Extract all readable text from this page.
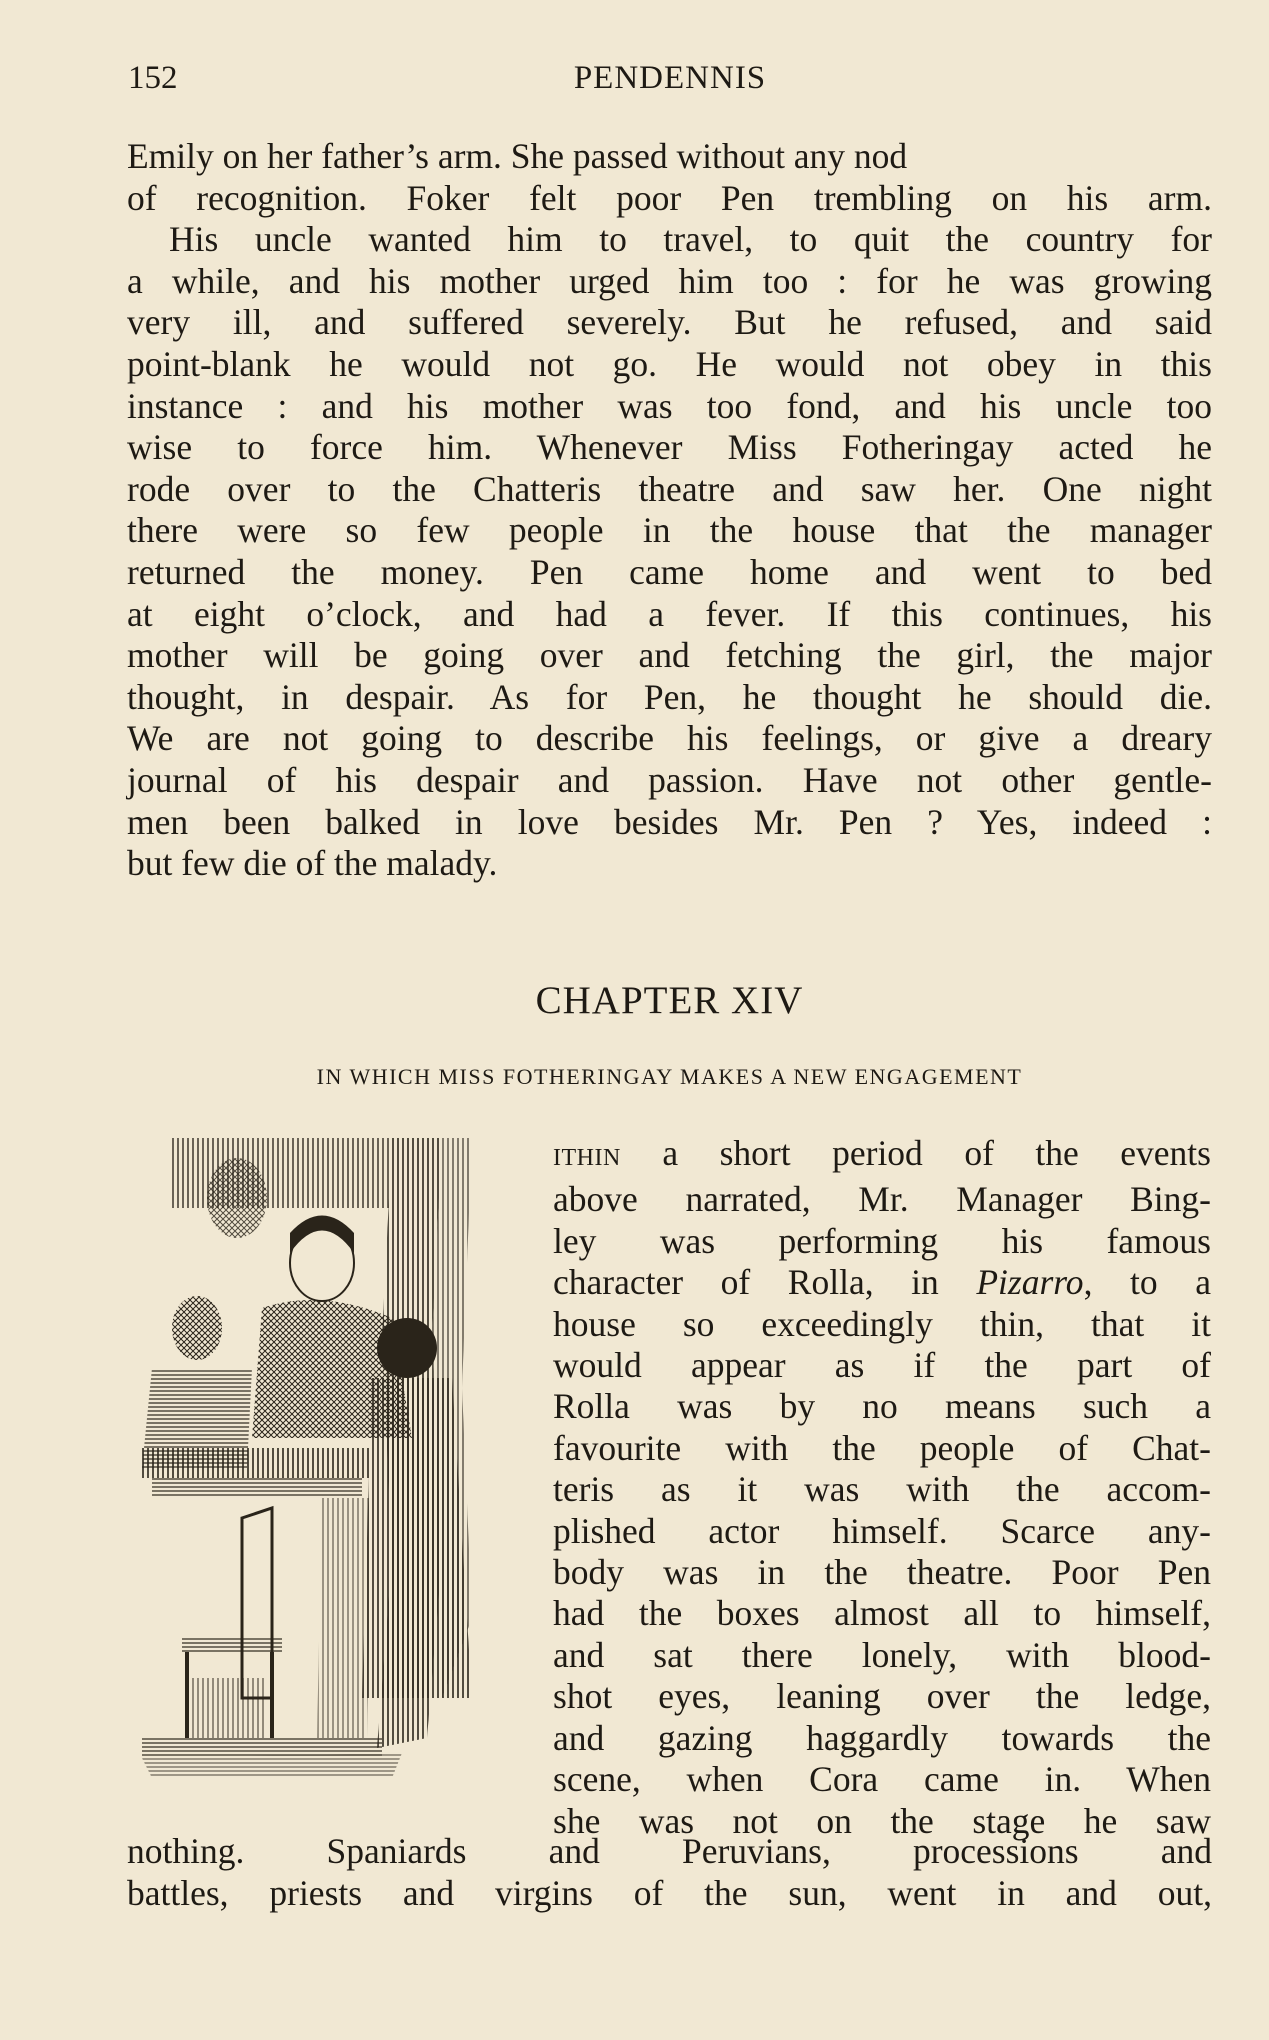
152	PENDENNIS

Emily on her father’s arm. She passed without any nod

of recognition. Foker felt poor Pen trembling on his arm.

His uncle wanted him to travel, to quit the country for

a while, and his mother urged him too : for he was growing

very ill, and suffered severely. But he refused, and said

point-blank he would not go. He would not obey in this

instance : and his mother was too fond, and his uncle too

wise to force him. Whenever Miss Fotheringay acted he

rode over to the Chatteris theatre and saw her. One night

there were so few people in the house that the manager

returned the money. Pen came home and went to bed

at eight o’clock, and had a fever. If this continues, his

mother will be going over and fetching the girl, the major

thought, in despair. As for Pen, he thought he should die.

We are not going to describe his feelings, or give a dreary

journal of his despair and passion. Have not other gentle-

men been balked in love besides Mr. Pen ? Yes, indeed :

but few die of the malady.

CHAPTER XIV
IN WHICH MISS FOTHERINGAY MAKES A NEW ENGAGEMENT

ITHIN a short period of the events

above narrated, Mr. Manager Bing-

ley was performing his famous

character of Rolla, in Pizarro, to a

house so exceedingly thin, that it

would appear as if the part of

Rolla was by no means such a

favourite with the people of Chat-

teris as it was with the accom-

plished actor himself. Scarce any-

body was in the theatre. Poor Pen

had the boxes almost all to himself,

and sat there lonely, with blood-

shot eyes, leaning over the ledge,

and gazing haggardly towards the

scene, when Cora came in. When

she was not on the stage he saw

nothing. Spaniards and Peruvians, processions and

battles, priests and virgins of the sun, went in and out,
